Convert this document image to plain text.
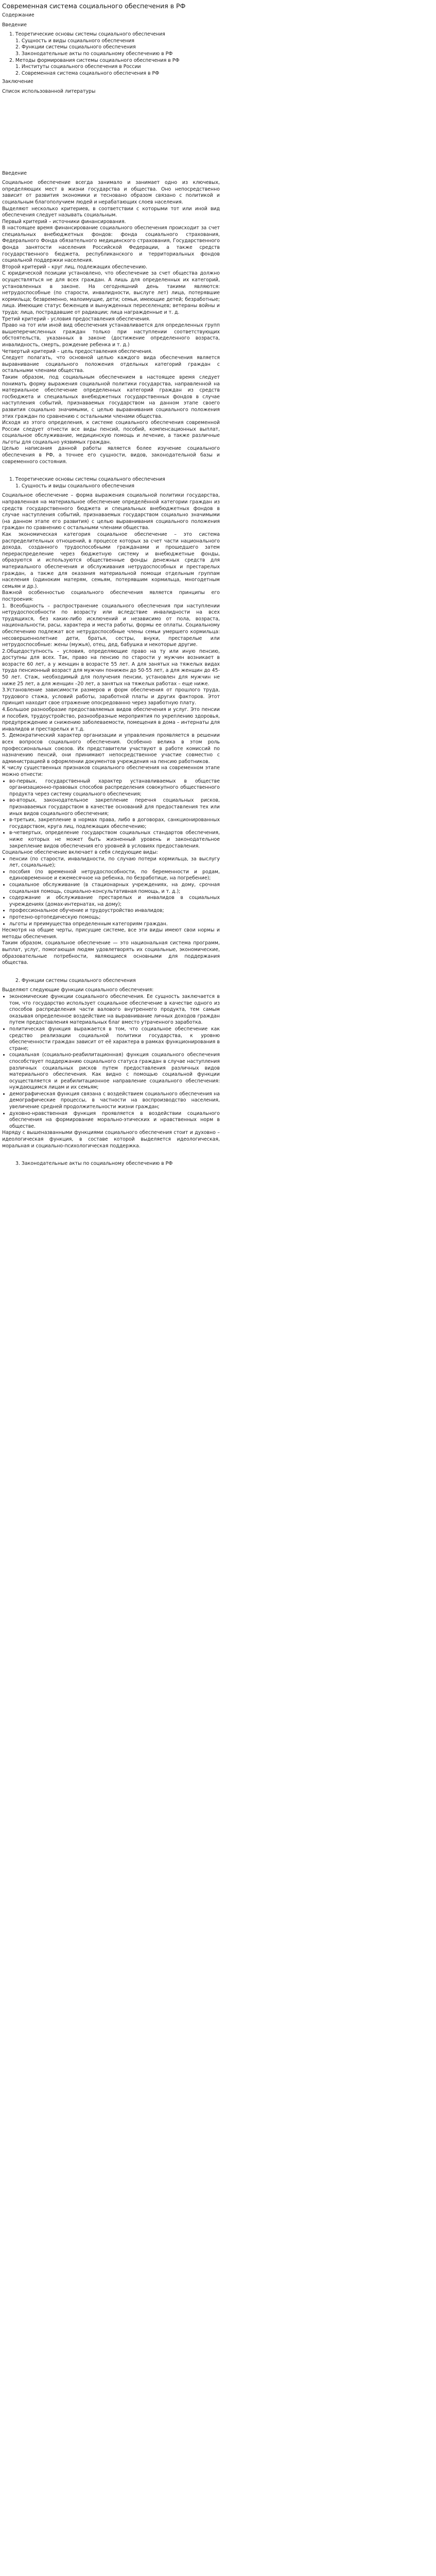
Современная система социального обеспечения в РФ

Содержание

Введение

1. Теоретические основы системы социального обеспечения

1. Сущность и виды социального обеспечения

2. Функции системы социального обеспечения

3. Законодательные акты по социальному обеспечению в РФ

2. Методы формирования системы социального обеспечения в РФ

1. Институты социального обеспечения в России

2. Современная система социального обеспечения в РФ

Заключение

Список использованной литературы

Введение

Социальное обеспечение всегда занимало и занимает одно из ключевых, определяющих мест в жизни государства и общества. Оно непосредственно зависит от развития экономики и тесновано образом связано с политикой и социальным благополучием людей и нерабатающих слоев населения.

Выделяют несколько критериев, в соответствии с которыми тот или иной вид обеспечения следует называть социальным.

Первый критерий – источники финансирования.

В настоящее время финансирование социального обеспечения происходит за счет специальных внебюджетных фондов: фонда социального страхования, Федерального Фонда обязательного медицинского страхования, Государственного фонда занятости населения Российской Федерации, а также средств государственного бюджета, республиканского и территориальных фондов социальной поддержки населения.

Второй критерий – круг лиц, подлежащих обеспечению.

С юридической позиции установлено, что обеспечение за счет общества должно осуществляться не для всех граждан. А лишь для определенных их категорий, установленных в законе. На сегодняшний день такими являются: нетрудоспособные (по старости, инвалидности, выслуге лет) лица, потерявшие кормильца; безвременно, малоимущие, дети; семьи, имеющие детей; безработные; лица. Имеющие статус беженцев и вынужденных переселенцев; ветераны войны и труда; лица, пострадавшие от радиации; лица награжденные и т. д.

Третий критерий - условия предоставления обеспечения.

Право на тот или иной вид обеспечения устанавливается для определенных групп вышеперечисленных граждан только при наступлении соответствующих обстоятельств, указанных в законе (достижение определенного возраста, инвалидность, смерть, рождение ребенка и т. д.)

Четвертый критерий – цель предоставления обеспечения.

Следует полагать, что основной целью каждого вида обеспечения является выравнивание социального положения отдельных категорий граждан с остальными членами общества.

Таким образом, под социальным обеспечением в настоящее время следует понимать форму выражения социальной политики государства, направленной на материальное обеспечение определенных категорий граждан из средств госбюджета и специальных внебюджетных государственных фондов в случае наступления событий, признаваемых государством на данном этапе своего развития социально значимыми, с целью выравнивания социального положения этих граждан по сравнению с остальными членами общества.

Исходя из этого определения, к системе социального обеспечения современной России следует отнести все виды пенсий, пособий, компенсационных выплат, социальное обслуживание, медицинскую помощь и лечение, а также различные льготы для социально уязвимых граждан.

Целью написания данной работы является более изучение социального обеспечения в РФ, а точнее его сущности, видов, законодательной базы и современного состояния.

1. Теоретические основы системы социального обеспечения

1. Сущность и виды социального обеспечения

Социальное обеспечение – форма выражения социальной политики государства, направленная на материальное обеспечение определённой категории граждан из средств государственного бюджета и специальных внебюджетных фондов в случае наступления событий, признаваемых государством социально значимыми (на данном этапе его развития) с целью выравнивания социального положения граждан по сравнению с остальными членами общества.

Как экономическая категория социальное обеспечение – это система распределительных отношений, в процессе которых за счет части национального дохода, созданного трудоспособными гражданами и прошедшего затем перераспределение через бюджетную систему и внебюджетные фонды, образуются и используются общественные фонды денежных средств для материального обеспечения и обслуживания нетрудоспособных и престарелых граждан, а также для оказания материальной помощи отдельным группам населения (одиноким матерям, семьям, потерявшим кормильца, многодетным семьям и др.).

Важной особенностью социального обеспечения является принципы его построения:

1. Всеобщность – распространение социального обеспечения при наступлении нетрудоспособности по возрасту или вследствие инвалидности на всех трудящихся, без каких-либо исключений и независимо от пола, возраста, национальности, расы, характера и места работы, формы ее оплаты. Социальному обеспечению подлежат все нетрудоспособные члены семьи умершего кормильца: несовершеннолетние дети, братья, сестры, внуки, престарелые или нетрудоспособные: жены (мужья), отец, дед, бабушка и некоторые другие.

2.Общедоступность – условия, определяющие право на ту или иную пенсию, доступны для всех. Так, право на пенсию по старости у мужчин возникает в возрасте 60 лет, а у женщин в возрасте 55 лет. А для занятых на тяжелых видах труда пенсионный возраст для мужчин понижен до 50-55 лет, а для женщин до 45-50 лет. Стаж, необходимый для получения пенсии, установлен для мужчин не ниже 25 лет, а для женщин –20 лет, а занятых на тяжелых работах – еще ниже.

3.Установление зависимости размеров и форм обеспечения от прошлого труда, трудового стажа, условий работы, заработной платы и других факторов. Этот принцип находит свое отражение опосредованно через заработную плату.

4.Большое разнообразие предоставляемых видов обеспечения и услуг. Это пенсии и пособия, трудоустройство, разнообразные мероприятия по укреплению здоровья, предупреждению и снижению заболеваемости, помещения в дома – интернаты для инвалидов и престарелых и т.д.

5. Демократический характер организации и управления проявляется в решении всех вопросов социального обеспечения. Особенно велика в этом роль профессиональных союзов. Их представители участвуют в работе комиссий по назначению пенсий, они принимают непосредственное участие совместно с администрацией в оформлении документов учреждения на пенсию работников.

К числу существенных признаков социального обеспечения на современном этапе можно отнести:

• во-первых, государственный характер устанавливаемых в обществе организационно-правовых способов распределения совокупного общественного продукта через систему социального обеспечения;
• во-вторых, законодательное закрепление перечня социальных рисков, признаваемых государством в качестве оснований для предоставления тех или иных видов социального обеспечения;
• в-третьих, закрепление в нормах права, либо в договорах, санкционированных государством, круга лиц, подлежащих обеспечению;
• в-четвертых, определение государством социальных стандартов обеспечения, ниже которых не может быть жизненный уровень и законодательное закрепление видов обеспечения его уровней в условиях предоставления.

Социальное обеспечение включает в себя следующие виды:

• пенсии (по старости, инвалидности, по случаю потери кормильца, за выслугу лет, социальные);
• пособия (по временной нетрудоспособности, по беременности и родам, единовременное и ежемесячное на ребенка, по безработице, на погребение);
• социальное обслуживание (в стационарных учреждениях, на дому, срочная социальная помощь, социально-консультативная помощь, и т. д.);
• содержание и обслуживание престарелых и инвалидов в социальных учреждениях (домах-интернатах, на дому);
• профессиональное обучение и трудоустройство инвалидов;
• протезно-ортопедическую помощь;
• льготы и преимущества определенным категориям граждан.

Несмотря на общие черты, присущие системе, все эти виды имеют свои нормы и методы обеспечения.

Таким образом, социальное обеспечение — это национальная система программ, выплат, услуг, помогающая людям удовлетворять их социальные, экономические, образовательные потребности, являющиеся основными для поддержания общества.

2. Функции системы социального обеспечения

Выделяют следующие функции социального обеспечения:

• экономические функции социального обеспечения. Ее сущность заключается в том, что государство использует социальное обеспечение в качестве одного из способов распределения части валового внутреннего продукта, тем самым оказывая определенное воздействие на выравнивание личных доходов граждан путем предоставления материальных благ вместо утраченного заработка.
• политическая функция выражается в том, что социальное обеспечение как средство реализации социальной политики государства, к уровню обеспеченности граждан зависит от её характера в рамках функционирования в стране;
• социальная (социально-реабилитационная) функция социального обеспечения способствует поддержанию социального статуса граждан в случае наступления различных социальных рисков путем предоставления различных видов материального обеспечения. Как видно с помощью социальной функции осуществляется и реабилитационное направление социального обеспечения: нуждающимся лицам и их семьям;
• демографическая функция связана с воздействием социального обеспечения на демографические процессы, в частности на воспроизводство населения, увеличение средней продолжительности жизни граждан;
• духовно-нравственная функция проявляется в воздействии социального обеспечения на формирование морально-этических и нравственных норм в обществе.

Наряду с вышеназванными функциями социального обеспечения стоит и духовно – идеологическая функция, в составе которой выделяется идеологическая, моральная и социально-психологическая поддержка.

3. Законодательные акты по социальному обеспечению в РФ
